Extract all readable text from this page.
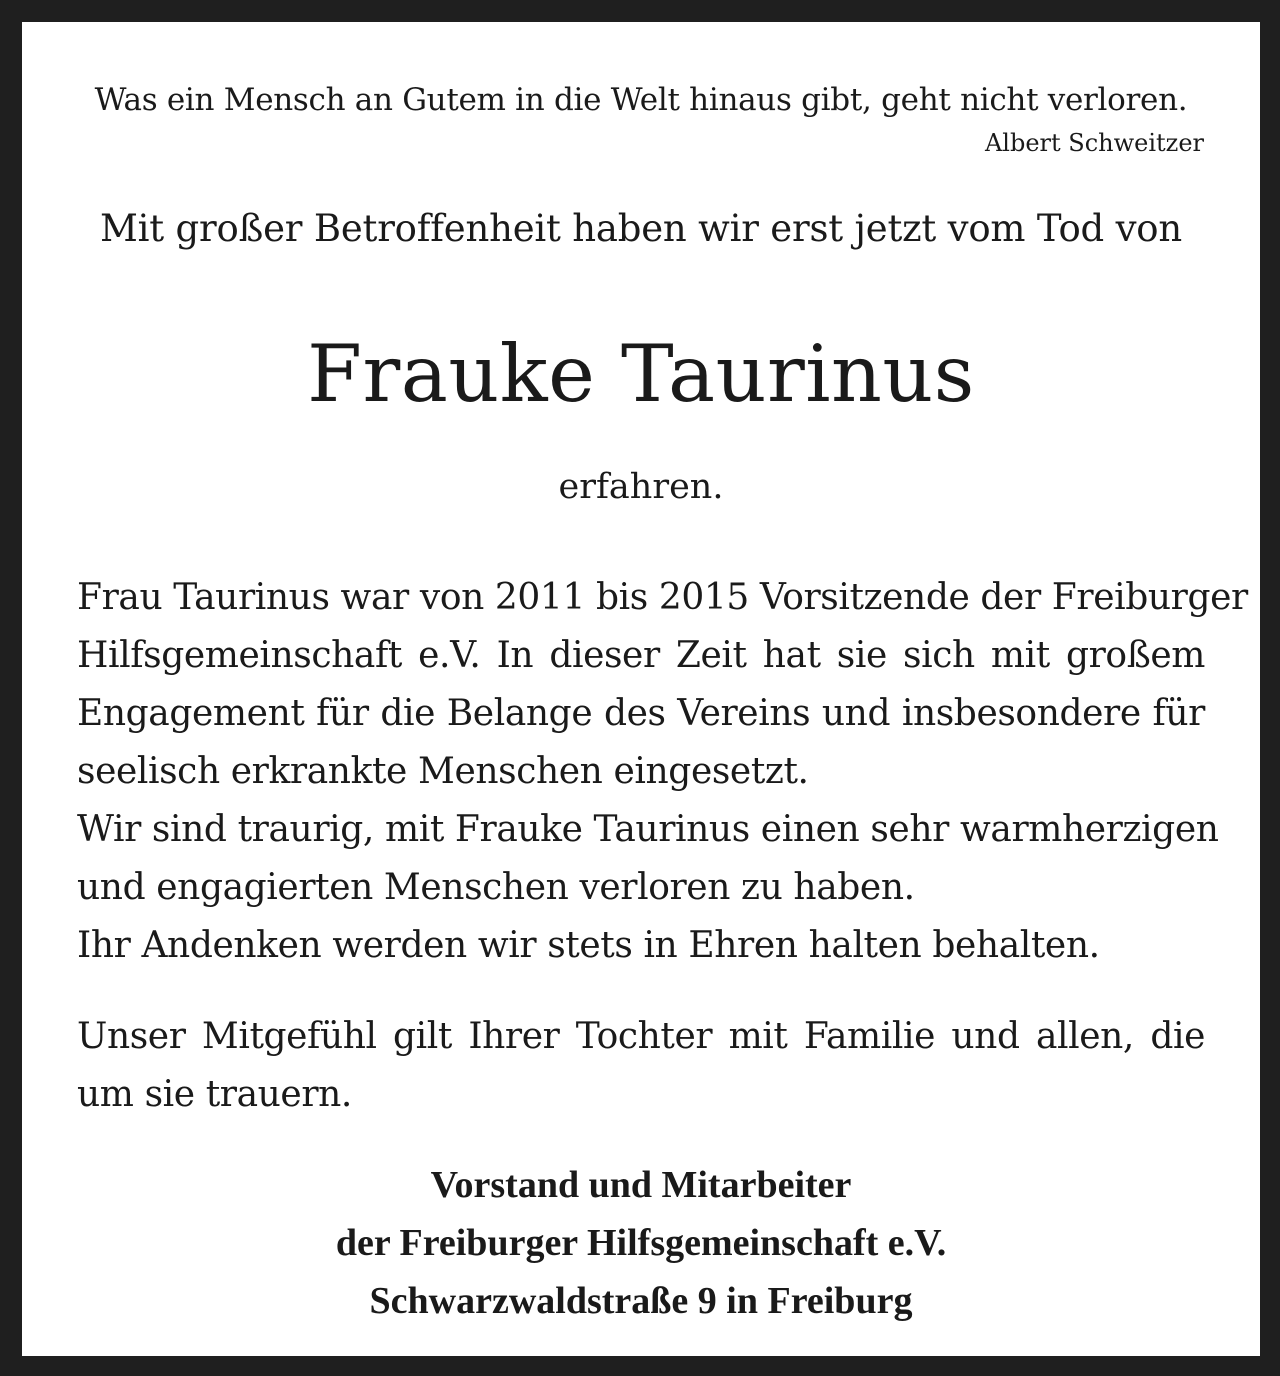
Was ein Mensch an Gutem in die Welt hinaus gibt, geht nicht verloren.
Albert Schweitzer
Mit großer Betroffenheit haben wir erst jetzt vom Tod von
Frauke Taurinus
erfahren.
Frau Taurinus war von 2011 bis 2015 Vorsitzende der Freiburger
Hilfsgemeinschaft e.V. In dieser Zeit hat sie sich mit großem
Engagement für die Belange des Vereins und insbesondere für
seelisch erkrankte Menschen eingesetzt.
Wir sind traurig, mit Frauke Taurinus einen sehr warmherzigen
und engagierten Menschen verloren zu haben.
Ihr Andenken werden wir stets in Ehren halten behalten.
Unser Mitgefühl gilt Ihrer Tochter mit Familie und allen, die
um sie trauern.
Vorstand und Mitarbeiter
der Freiburger Hilfsgemeinschaft e.V.
Schwarzwaldstraße 9 in Freiburg
